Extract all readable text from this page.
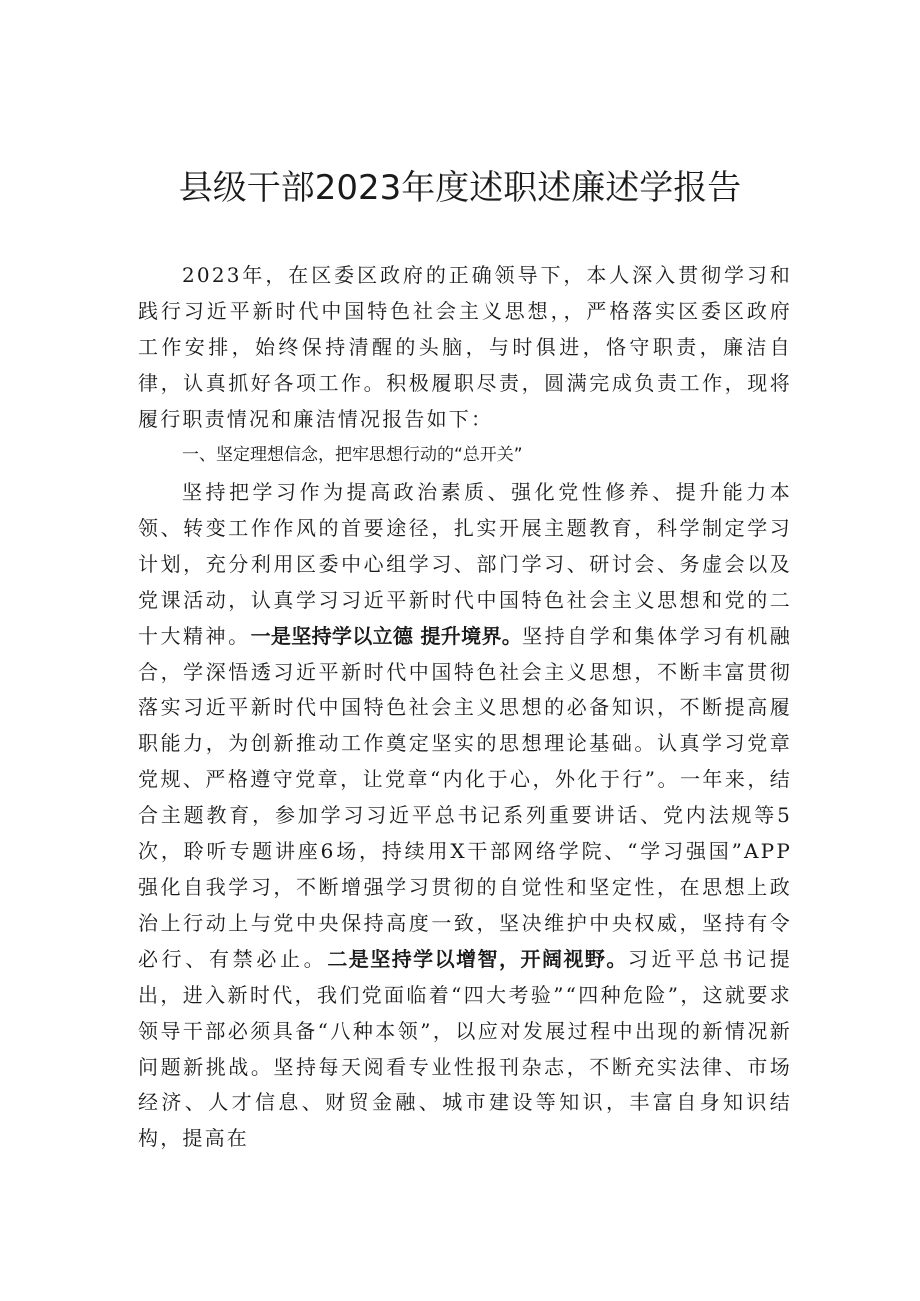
县级干部2023年度述职述廉述学报告
2023年，在区委区政府的正确领导下，本人深入贯彻学习和践行习近平新时代中国特色社会主义思想，，严格落实区委区政府工作安排，始终保持清醒的头脑，与时俱进，恪守职责，廉洁自律，认真抓好各项工作。积极履职尽责，圆满完成负责工作，现将履行职责情况和廉洁情况报告如下：
一、坚定理想信念，把牢思想行动的“总开关”
坚持把学习作为提高政治素质、强化党性修养、提升能力本领、转变工作作风的首要途径，扎实开展主题教育，科学制定学习计划，充分利用区委中心组学习、部门学习、研讨会、务虚会以及党课活动，认真学习习近平新时代中国特色社会主义思想和党的二十大精神。一是坚持学以立德 提升境界。坚持自学和集体学习有机融合，学深悟透习近平新时代中国特色社会主义思想，不断丰富贯彻落实习近平新时代中国特色社会主义思想的必备知识，不断提高履职能力，为创新推动工作奠定坚实的思想理论基础。认真学习党章党规、严格遵守党章，让党章“内化于心，外化于行”。一年来，结合主题教育，参加学习习近平总书记系列重要讲话、党内法规等5次，聆听专题讲座6场，持续用X干部网络学院、“学习强国”APP强化自我学习，不断增强学习贯彻的自觉性和坚定性，在思想上政治上行动上与党中央保持高度一致，坚决维护中央权威，坚持有令必行、有禁必止。二是坚持学以增智，开阔视野。习近平总书记提出，进入新时代，我们党面临着“四大考验”“四种危险”，这就要求领导干部必须具备“八种本领”，以应对发展过程中出现的新情况新问题新挑战。坚持每天阅看专业性报刊杂志，不断充实法律、市场经济、人才信息、财贸金融、城市建设等知识，丰富自身知识结构，提高在
